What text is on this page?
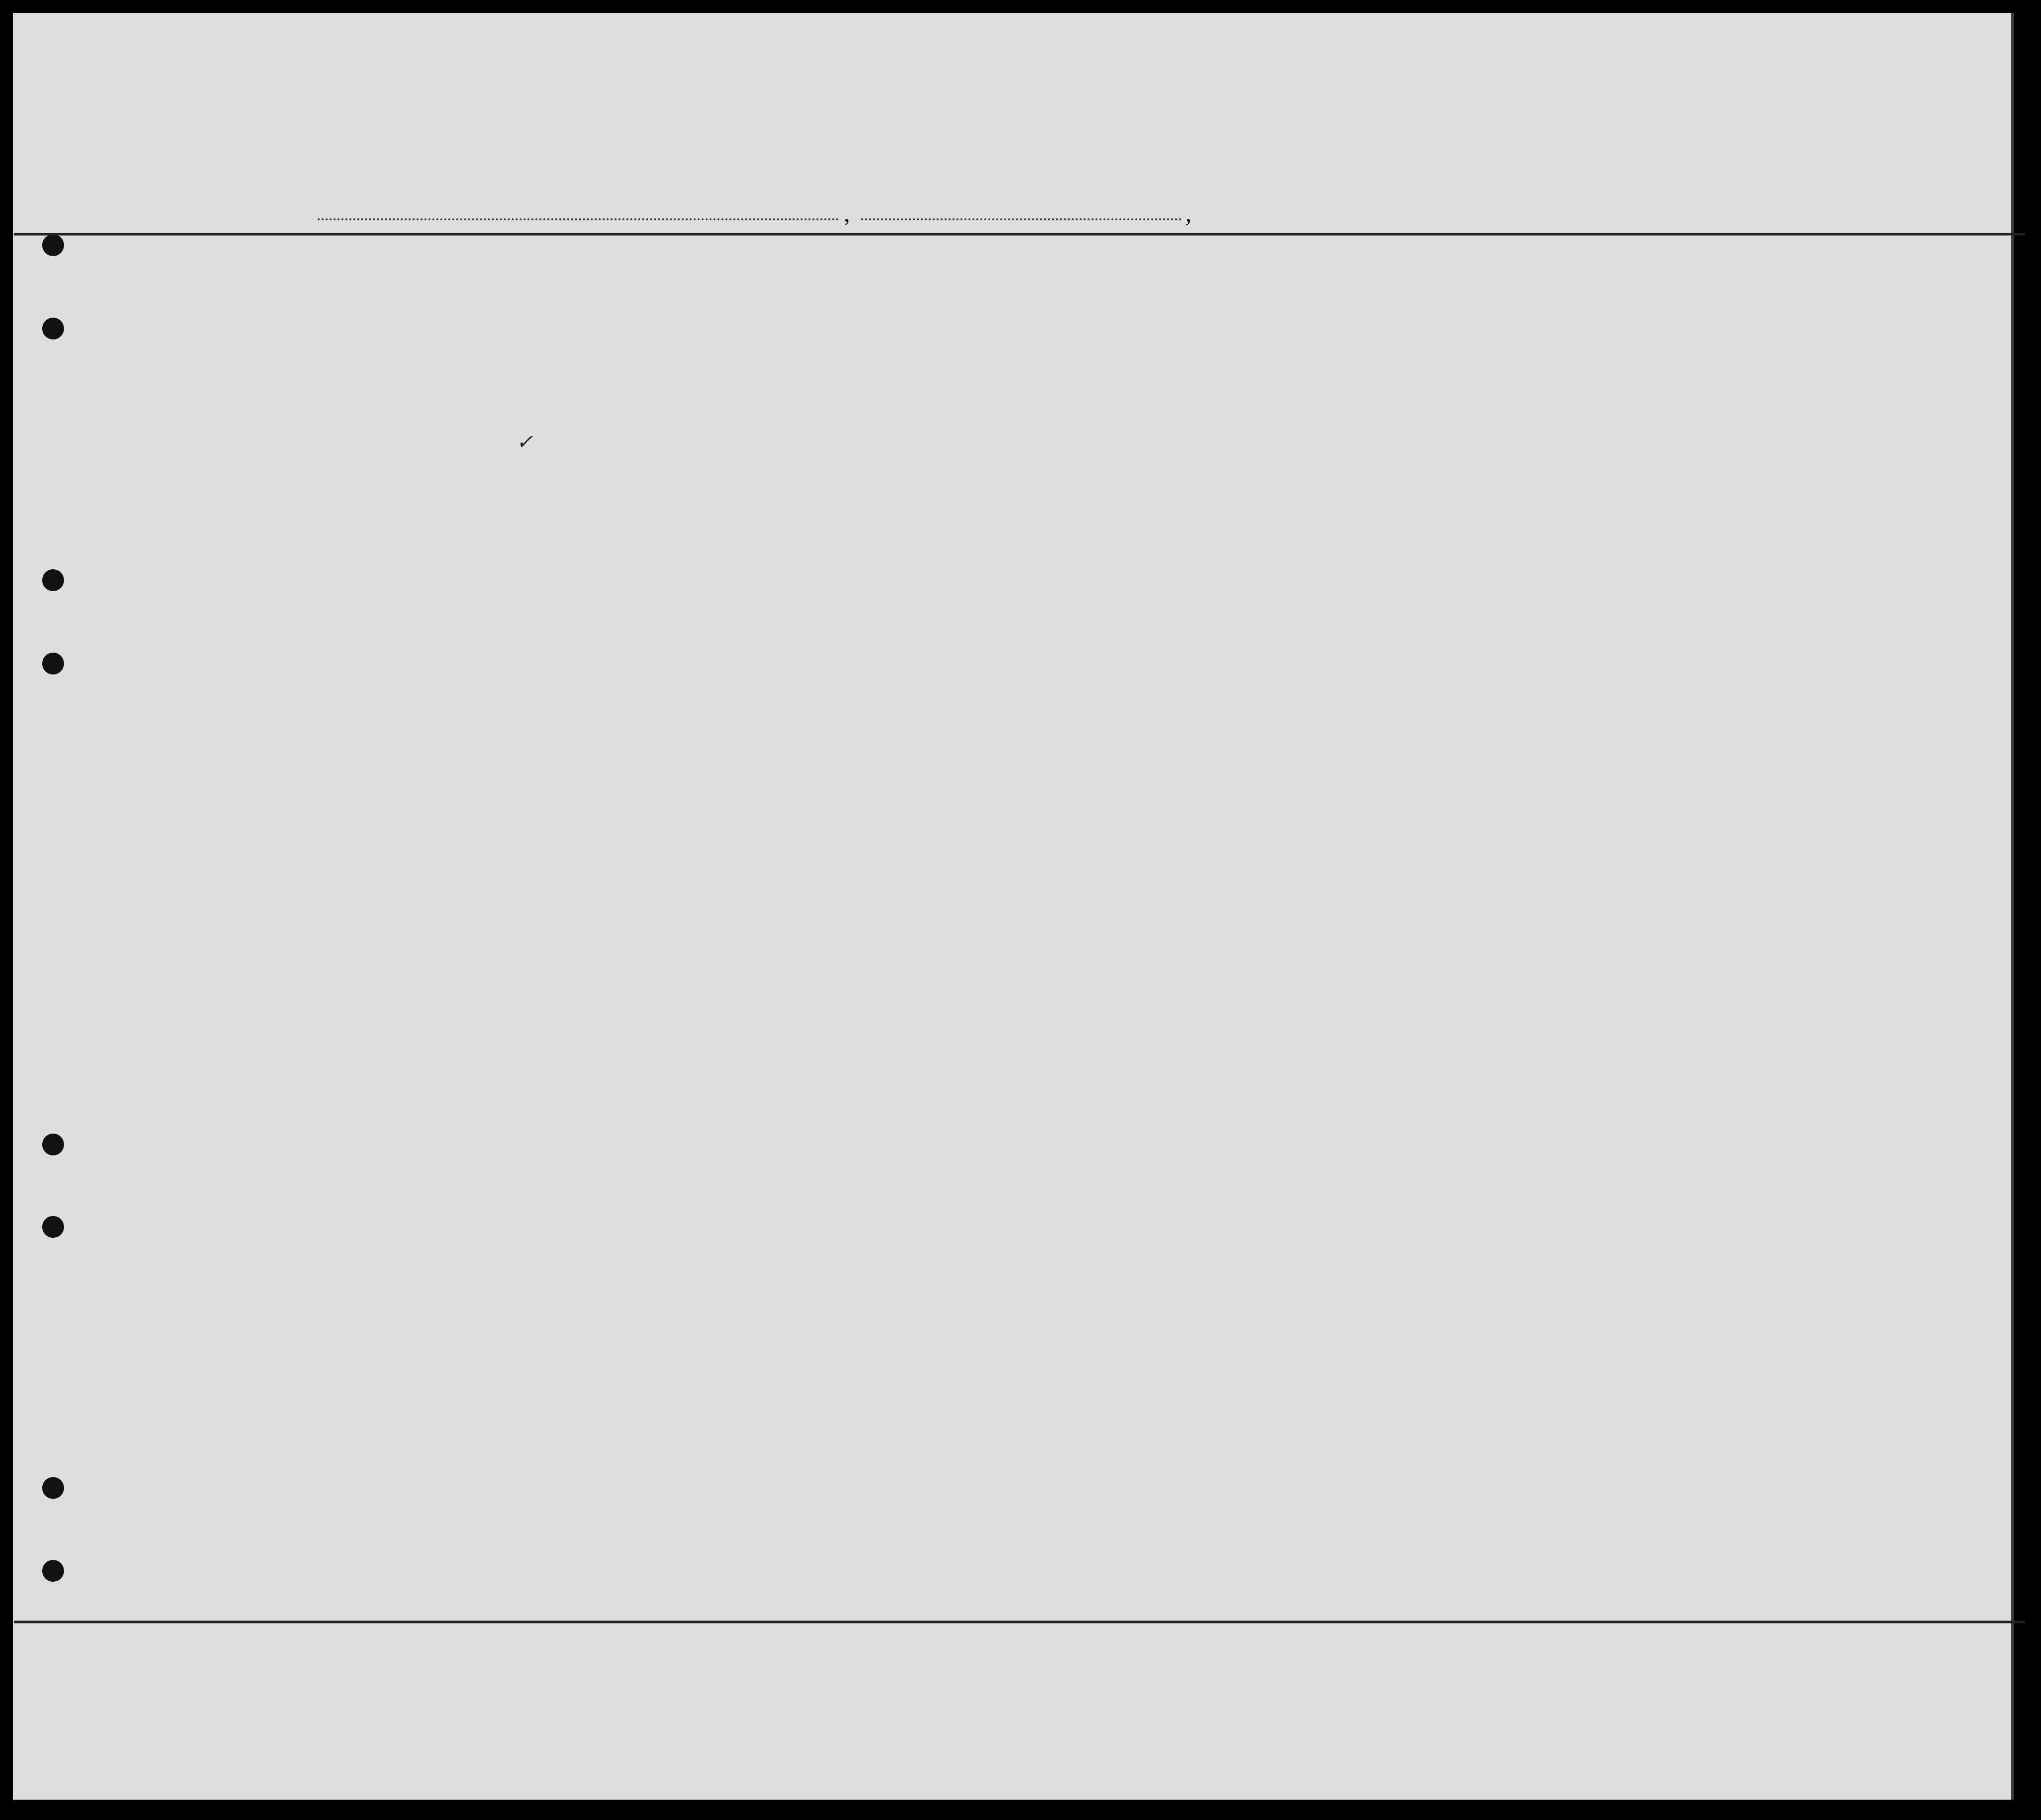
,	,
✓
